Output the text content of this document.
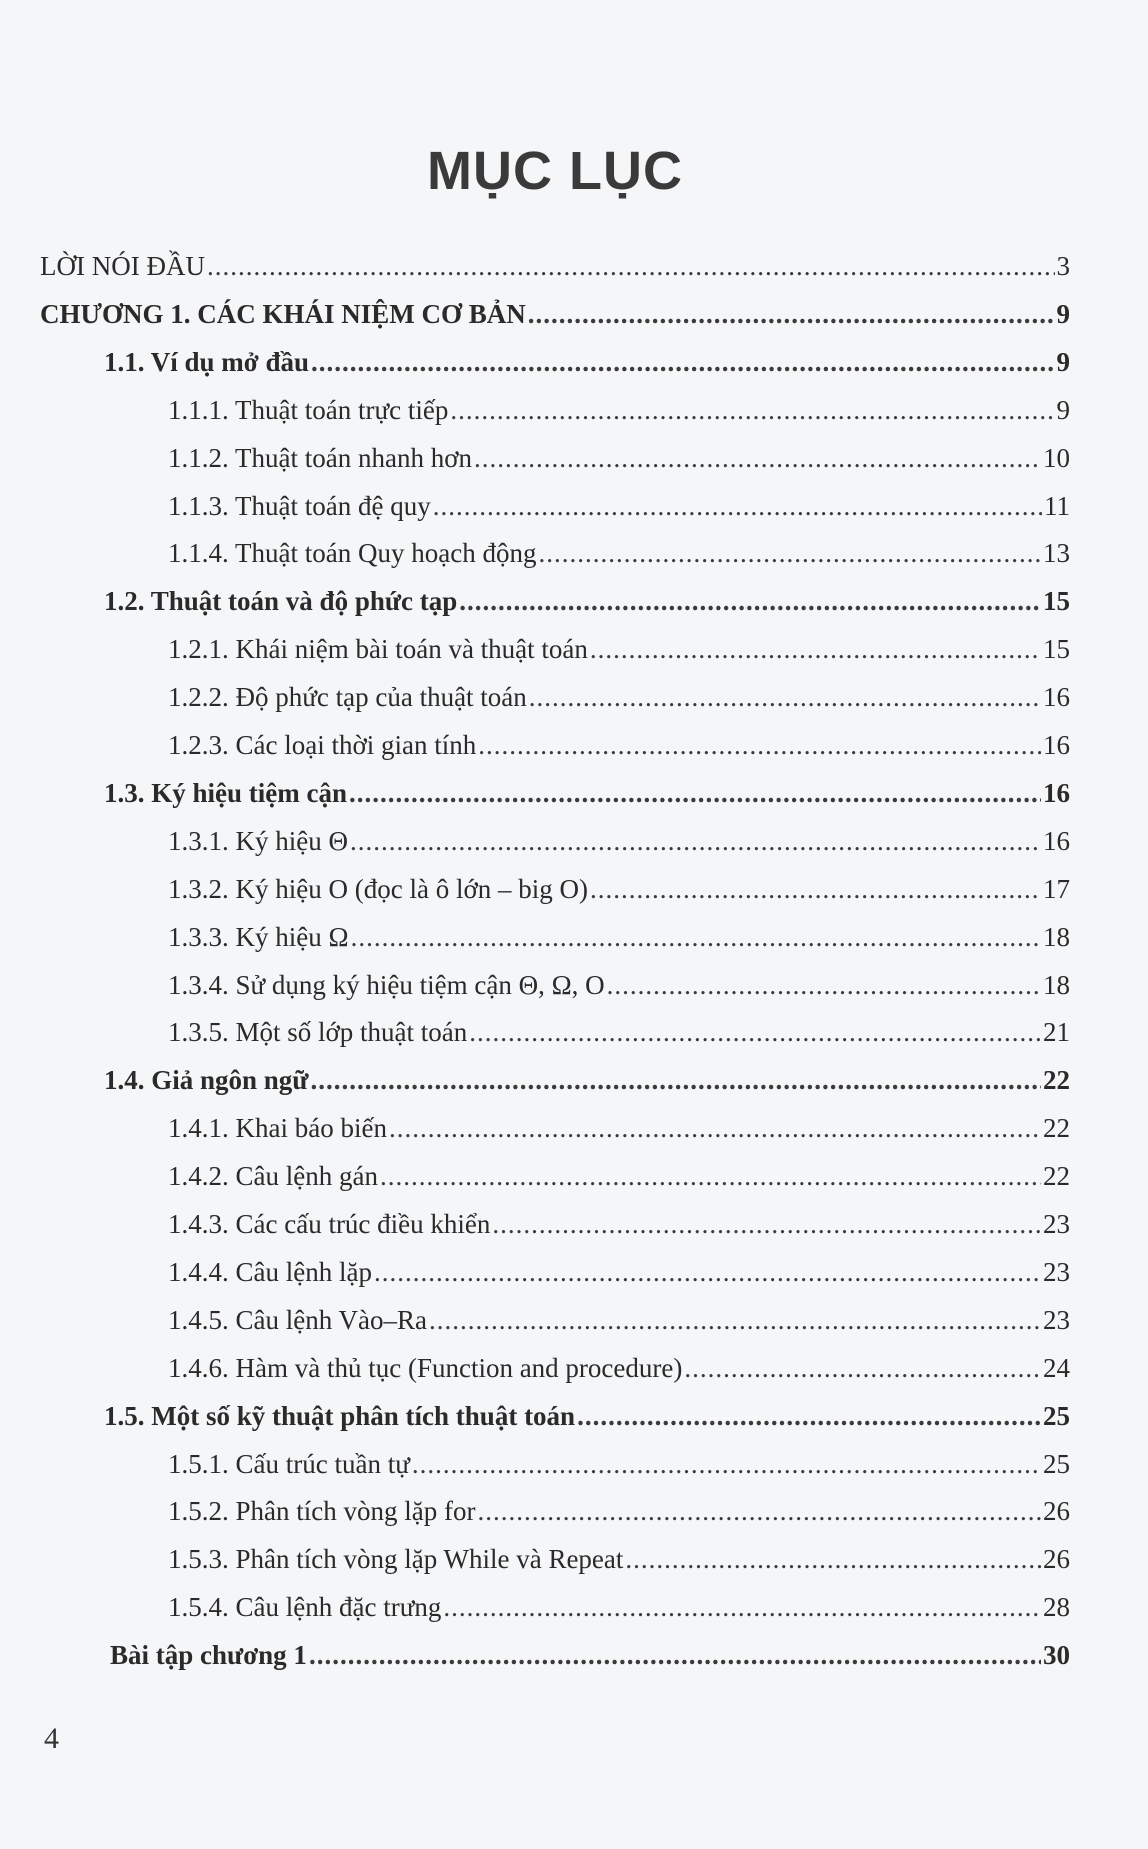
MỤC LỤC
LỜI NÓI ĐẦU .....	3
CHƯƠNG 1. CÁC KHÁI NIỆM CƠ BẢN .....	9
1.1. Ví dụ mở đầu .....	9
1.1.1. Thuật toán trực tiếp .....	9
1.1.2. Thuật toán nhanh hơn .....	10
1.1.3. Thuật toán đệ quy .....	11
1.1.4. Thuật toán Quy hoạch động .....	13
1.2. Thuật toán và độ phức tạp .....	15
1.2.1. Khái niệm bài toán và thuật toán .....	15
1.2.2. Độ phức tạp của thuật toán .....	16
1.2.3. Các loại thời gian tính .....	16
1.3. Ký hiệu tiệm cận .....	16
1.3.1. Ký hiệu Θ .....	16
1.3.2. Ký hiệu O (đọc là ô lớn – big O) .....	17
1.3.3. Ký hiệu Ω .....	18
1.3.4. Sử dụng ký hiệu tiệm cận Θ, Ω, O .....	18
1.3.5. Một số lớp thuật toán .....	21
1.4. Giả ngôn ngữ .....	22
1.4.1. Khai báo biến .....	22
1.4.2. Câu lệnh gán .....	22
1.4.3. Các cấu trúc điều khiển .....	23
1.4.4. Câu lệnh lặp .....	23
1.4.5. Câu lệnh Vào–Ra .....	23
1.4.6. Hàm và thủ tục (Function and procedure) .....	24
1.5. Một số kỹ thuật phân tích thuật toán .....	25
1.5.1. Cấu trúc tuần tự .....	25
1.5.2. Phân tích vòng lặp for .....	26
1.5.3. Phân tích vòng lặp While và Repeat .....	26
1.5.4. Câu lệnh đặc trưng .....	28
Bài tập chương 1 .....	30
4
